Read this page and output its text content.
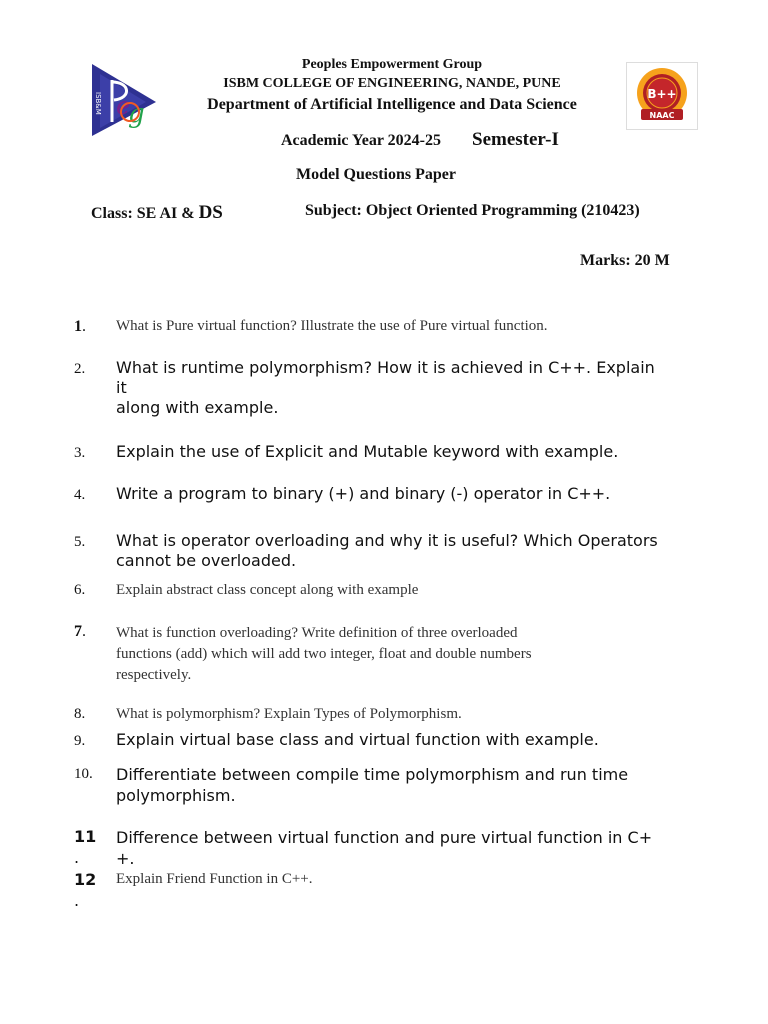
e
g
ISB&M	B++
NAAC
Peoples Empowerment Group
ISBM COLLEGE OF ENGINEERING, NANDE, PUNE
Department of Artificial Intelligence and Data Science
Academic Year 2024-25 Semester-I
Model Questions Paper
Class: SE AI & DS	Subject: Object Oriented Programming (210423)
Marks: 20 M
1. What is Pure virtual function? Illustrate the use of Pure virtual function.
2. What is runtime polymorphism? How it is achieved in C++. Explain
it
along with example.
3. Explain the use of Explicit and Mutable keyword with example.
4. Write a program to binary (+) and binary (-) operator in C++.
5. What is operator overloading and why it is useful? Which Operators
cannot be overloaded.
6. Explain abstract class concept along with example
7. What is function overloading? Write definition of three overloaded
functions (add) which will add two integer, float and double numbers
respectively.
8. What is polymorphism? Explain Types of Polymorphism.
9. Explain virtual base class and virtual function with example.
10. Differentiate between compile time polymorphism and run time
polymorphism.
11
.
Difference between virtual function and pure virtual function in C+
+.
12
.
Explain Friend Function in C++.
